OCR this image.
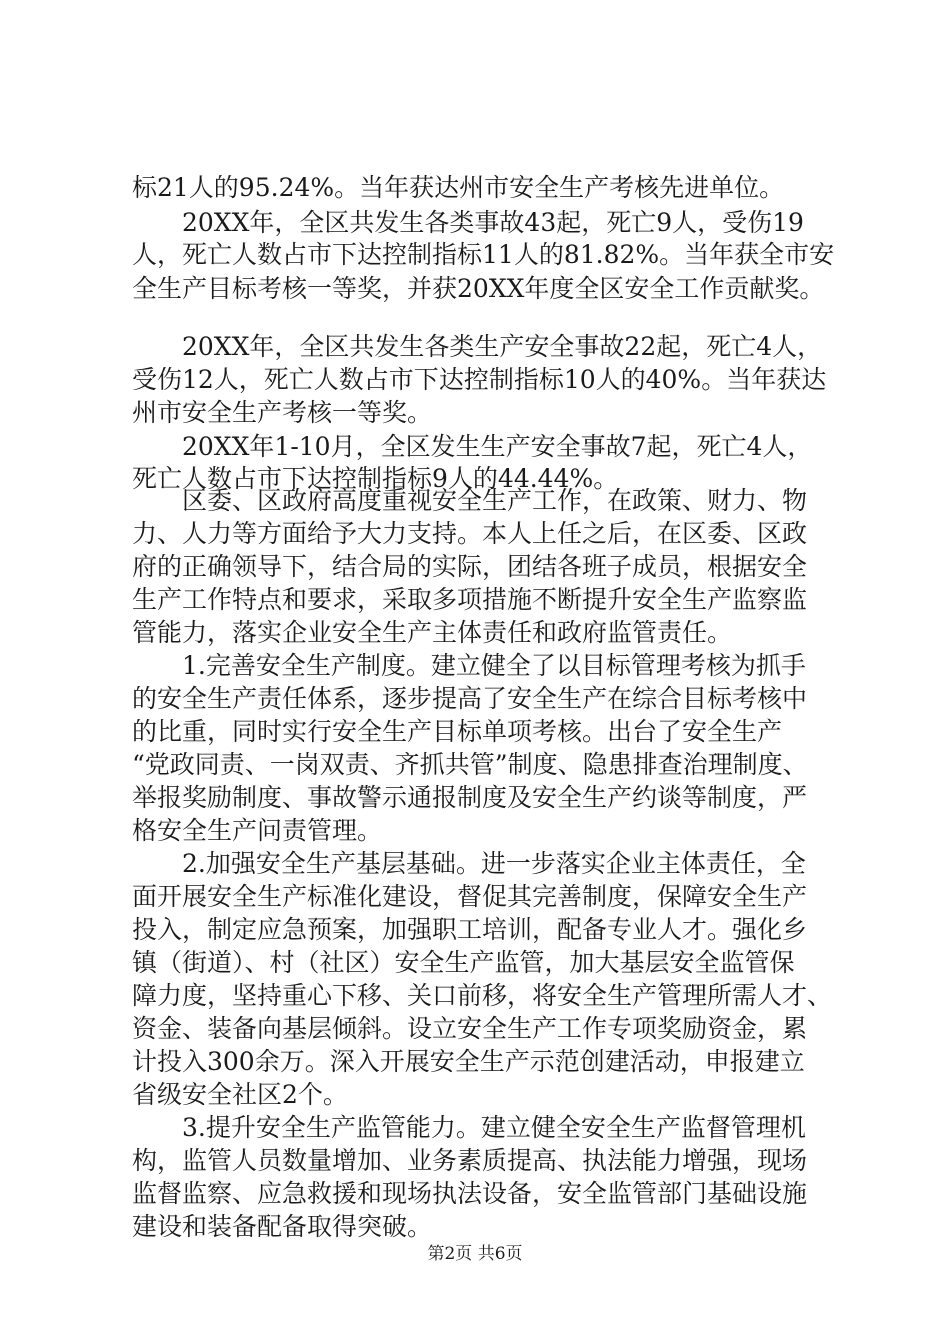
标21人的95.24%。当年获达州市安全生产考核先进单位。
　　20XX年，全区共发生各类事故43起，死亡9人，受伤19
人，死亡人数占市下达控制指标11人的81.82%。当年获全市安
全生产目标考核一等奖，并获20XX年度全区安全工作贡献奖。
　　20XX年，全区共发生各类生产安全事故22起，死亡4人，
受伤12人，死亡人数占市下达控制指标10人的40%。当年获达
州市安全生产考核一等奖。
　　20XX年1-10月，全区发生生产安全事故7起，死亡4人，
死亡人数占市下达控制指标9人的44.44%。
　　区委、区政府高度重视安全生产工作，在政策、财力、物
力、人力等方面给予大力支持。本人上任之后，在区委、区政
府的正确领导下，结合局的实际，团结各班子成员，根据安全
生产工作特点和要求，采取多项措施不断提升安全生产监察监
管能力，落实企业安全生产主体责任和政府监管责任。
　　1.完善安全生产制度。建立健全了以目标管理考核为抓手
的安全生产责任体系，逐步提高了安全生产在综合目标考核中
的比重，同时实行安全生产目标单项考核。出台了安全生产
“党政同责、一岗双责、齐抓共管”制度、隐患排查治理制度、
举报奖励制度、事故警示通报制度及安全生产约谈等制度，严
格安全生产问责管理。
　　2.加强安全生产基层基础。进一步落实企业主体责任，全
面开展安全生产标准化建设，督促其完善制度，保障安全生产
投入，制定应急预案，加强职工培训，配备专业人才。强化乡
镇（街道）、村（社区）安全生产监管，加大基层安全监管保
障力度，坚持重心下移、关口前移，将安全生产管理所需人才、
资金、装备向基层倾斜。设立安全生产工作专项奖励资金，累
计投入300余万。深入开展安全生产示范创建活动，申报建立
省级安全社区2个。
　　3.提升安全生产监管能力。建立健全安全生产监督管理机
构，监管人员数量增加、业务素质提高、执法能力增强，现场
监督监察、应急救援和现场执法设备，安全监管部门基础设施
建设和装备配备取得突破。
第2页 共6页
